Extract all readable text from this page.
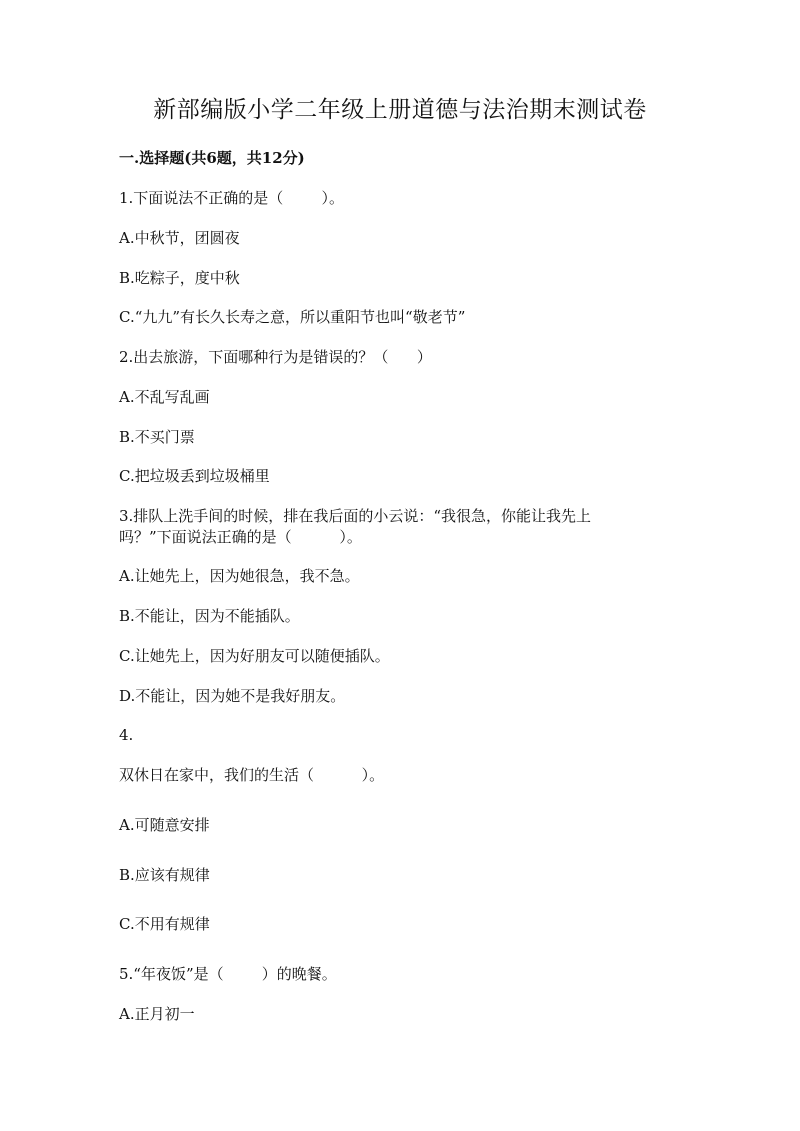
新部编版小学二年级上册道德与法治期末测试卷
一.选择题(共6题，共12分)
1.下面说法不正确的是（        ）。
A.中秋节，团圆夜
B.吃粽子，度中秋
C.“九九”有长久长寿之意，所以重阳节也叫“敬老节”
2.出去旅游，下面哪种行为是错误的？（      ）
A.不乱写乱画
B.不买门票
C.把垃圾丢到垃圾桶里
3.排队上洗手间的时候，排在我后面的小云说：“我很急，你能让我先上
吗？”下面说法正确的是（          ）。
A.让她先上，因为她很急，我不急。
B.不能让，因为不能插队。
C.让她先上，因为好朋友可以随便插队。
D.不能让，因为她不是我好朋友。
4.
双休日在家中，我们的生活（          ）。
A.可随意安排
B.应该有规律
C.不用有规律
5.“年夜饭”是（        ）的晚餐。
A.正月初一
